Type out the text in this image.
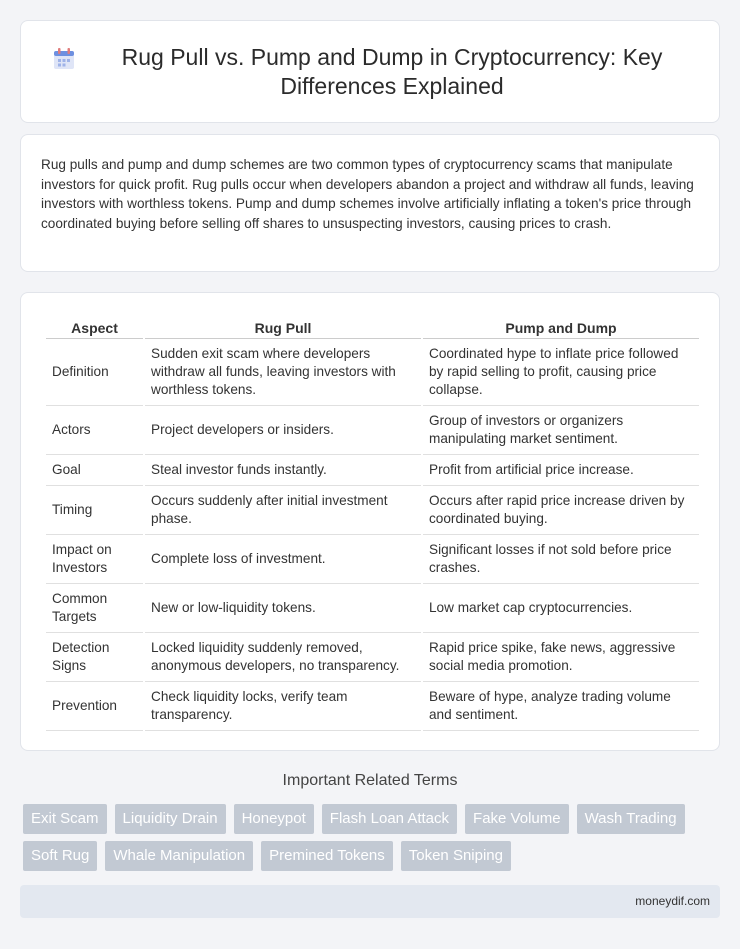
Rug Pull vs. Pump and Dump in Cryptocurrency: Key Differences Explained

Rug pulls and pump and dump schemes are two common types of cryptocurrency scams that manipulate investors for quick profit. Rug pulls occur when developers abandon a project and withdraw all funds, leaving investors with worthless tokens. Pump and dump schemes involve artificially inflating a token's price through coordinated buying before selling off shares to unsuspecting investors, causing prices to crash.

Aspect	Rug Pull	Pump and Dump
Definition	Sudden exit scam where developers withdraw all funds, leaving investors with worthless tokens.	Coordinated hype to inflate price followed by rapid selling to profit, causing price collapse.
Actors	Project developers or insiders.	Group of investors or organizers manipulating market sentiment.
Goal	Steal investor funds instantly.	Profit from artificial price increase.
Timing	Occurs suddenly after initial investment phase.	Occurs after rapid price increase driven by coordinated buying.
Impact on Investors	Complete loss of investment.	Significant losses if not sold before price crashes.
Common Targets	New or low-liquidity tokens.	Low market cap cryptocurrencies.
Detection Signs	Locked liquidity suddenly removed, anonymous developers, no transparency.	Rapid price spike, fake news, aggressive social media promotion.
Prevention	Check liquidity locks, verify team transparency.	Beware of hype, analyze trading volume and sentiment.
Important Related Terms
Exit Scam	Liquidity Drain	Honeypot	Flash Loan Attack	Fake Volume	Wash Trading
Soft Rug	Whale Manipulation	Premined Tokens	Token Sniping
moneydif.com
